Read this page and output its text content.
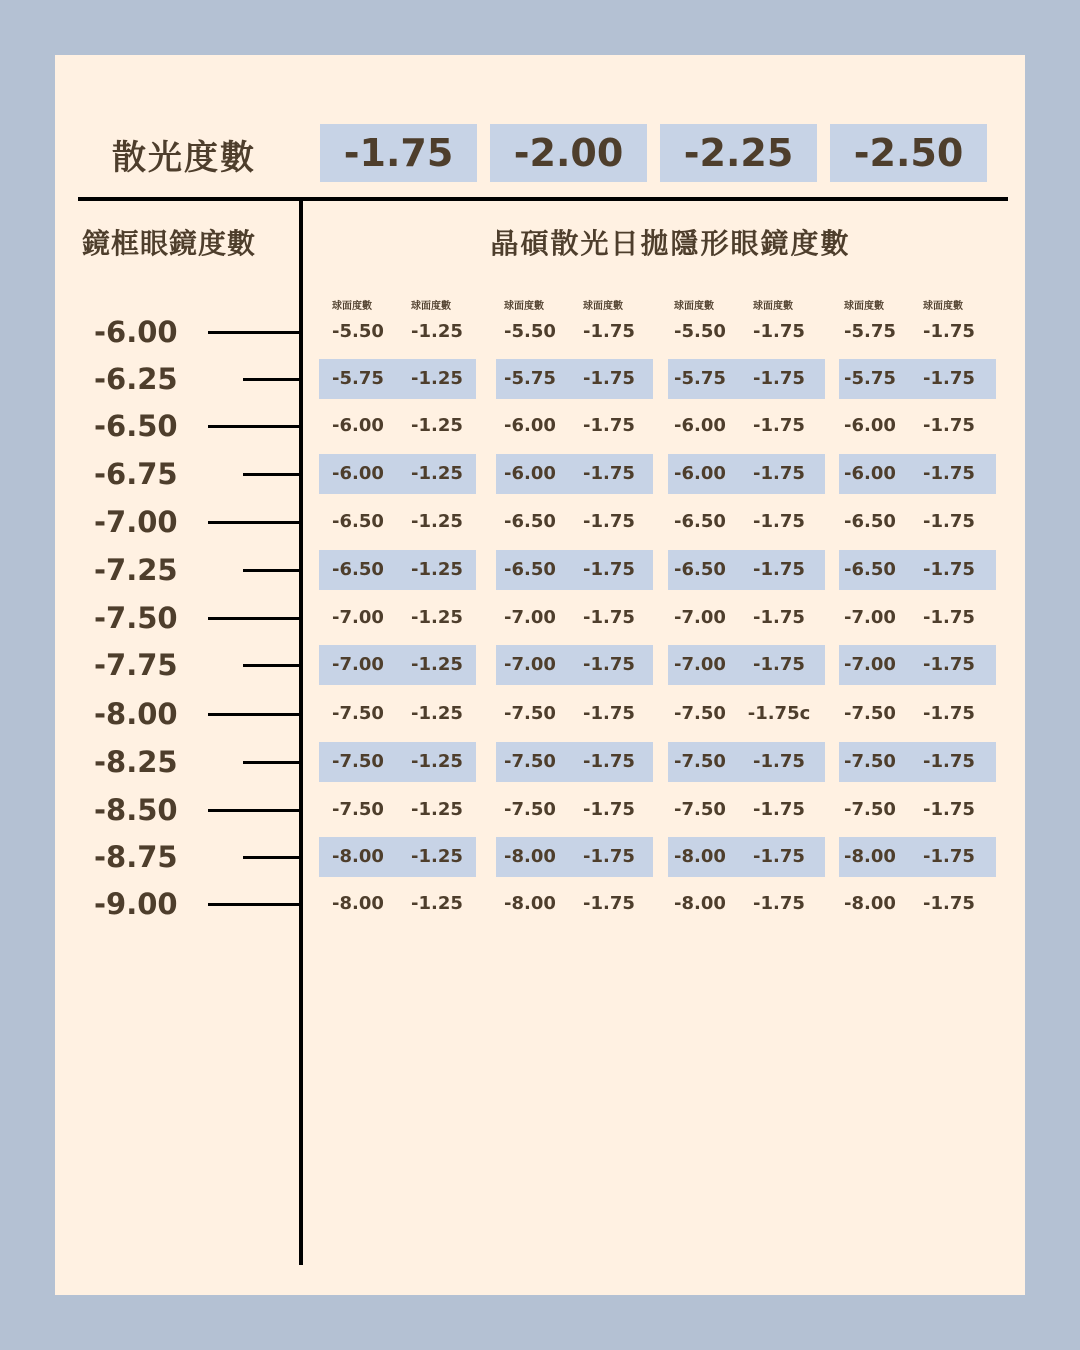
散光度數	-1.75	-2.00	-2.25	-2.50
鏡框眼鏡度數	晶碩散光日拋隱形眼鏡度數
球面度數	球面度數	球面度數	球面度數	球面度數	球面度數	球面度數	球面度數
-6.00	-5.50	-1.25	-5.50	-1.75	-5.50	-1.75	-5.75	-1.75
-6.25	-5.75	-1.25	-5.75	-1.75	-5.75	-1.75	-5.75	-1.75
-6.50	-6.00	-1.25	-6.00	-1.75	-6.00	-1.75	-6.00	-1.75
-6.75	-6.00	-1.25	-6.00	-1.75	-6.00	-1.75	-6.00	-1.75
-7.00	-6.50	-1.25	-6.50	-1.75	-6.50	-1.75	-6.50	-1.75
-7.25	-6.50	-1.25	-6.50	-1.75	-6.50	-1.75	-6.50	-1.75
-7.50	-7.00	-1.25	-7.00	-1.75	-7.00	-1.75	-7.00	-1.75
-7.75	-7.00	-1.25	-7.00	-1.75	-7.00	-1.75	-7.00	-1.75
-8.00	-7.50	-1.25	-7.50	-1.75	-7.50	-1.75c	-7.50	-1.75
-8.25	-7.50	-1.25	-7.50	-1.75	-7.50	-1.75	-7.50	-1.75
-8.50	-7.50	-1.25	-7.50	-1.75	-7.50	-1.75	-7.50	-1.75
-8.75	-8.00	-1.25	-8.00	-1.75	-8.00	-1.75	-8.00	-1.75
-9.00	-8.00	-1.25	-8.00	-1.75	-8.00	-1.75	-8.00	-1.75
